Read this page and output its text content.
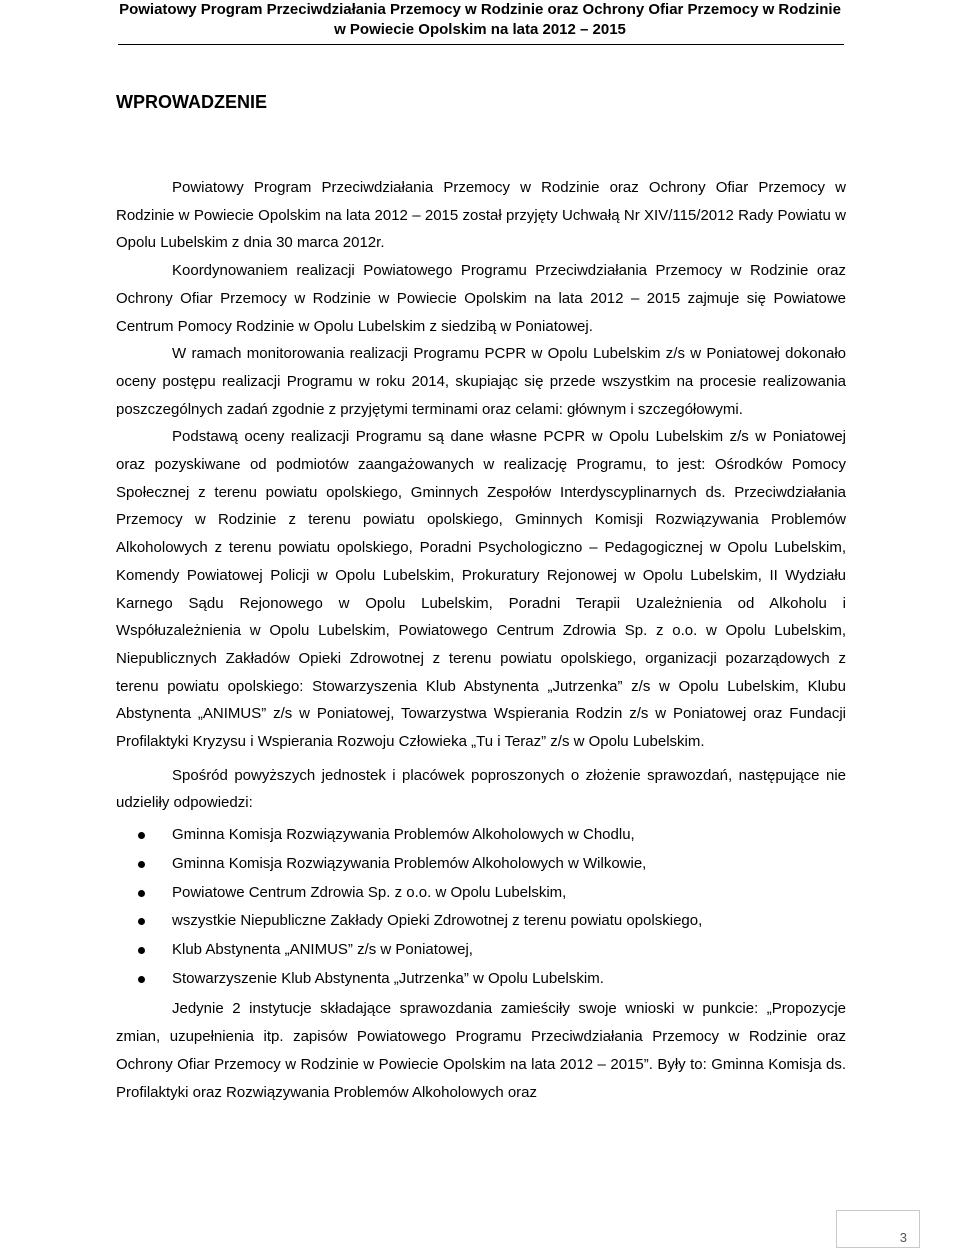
Powiatowy Program Przeciwdziałania Przemocy w Rodzinie oraz Ochrony Ofiar Przemocy w Rodzinie
w Powiecie Opolskim na lata 2012 – 2015
WPROWADZENIE

Powiatowy Program Przeciwdziałania Przemocy w Rodzinie oraz Ochrony Ofiar Przemocy w Rodzinie w Powiecie Opolskim na lata 2012 – 2015 został przyjęty Uchwałą Nr XIV/115/2012 Rady Powiatu w Opolu Lubelskim z dnia 30 marca 2012r.

Koordynowaniem realizacji Powiatowego Programu Przeciwdziałania Przemocy w Rodzinie oraz Ochrony Ofiar Przemocy w Rodzinie w Powiecie Opolskim na lata 2012 – 2015 zajmuje się Powiatowe Centrum Pomocy Rodzinie w Opolu Lubelskim z siedzibą w Poniatowej.

W ramach monitorowania realizacji Programu PCPR w Opolu Lubelskim z/s w Poniatowej dokonało oceny postępu realizacji Programu w roku 2014, skupiając się przede wszystkim na procesie realizowania poszczególnych zadań zgodnie z przyjętymi terminami oraz celami: głównym i szczegółowymi.

Podstawą oceny realizacji Programu są dane własne PCPR w Opolu Lubelskim z/s w Poniatowej oraz pozyskiwane od podmiotów zaangażowanych w realizację Programu, to jest: Ośrodków Pomocy Społecznej z terenu powiatu opolskiego, Gminnych Zespołów Interdyscyplinarnych ds. Przeciwdziałania Przemocy w Rodzinie z terenu powiatu opolskiego, Gminnych Komisji Rozwiązywania Problemów Alkoholowych z terenu powiatu opolskiego, Poradni Psychologiczno – Pedagogicznej w Opolu Lubelskim, Komendy Powiatowej Policji w Opolu Lubelskim, Prokuratury Rejonowej w Opolu Lubelskim, II Wydziału Karnego Sądu Rejonowego w Opolu Lubelskim, Poradni Terapii Uzależnienia od Alkoholu i Współuzależnienia w Opolu Lubelskim, Powiatowego Centrum Zdrowia Sp. z o.o. w Opolu Lubelskim, Niepublicznych Zakładów Opieki Zdrowotnej z terenu powiatu opolskiego, organizacji pozarządowych z terenu powiatu opolskiego: Stowarzyszenia Klub Abstynenta „Jutrzenka” z/s w Opolu Lubelskim, Klubu Abstynenta „ANIMUS” z/s w Poniatowej, Towarzystwa Wspierania Rodzin z/s w Poniatowej oraz Fundacji Profilaktyki Kryzysu i Wspierania Rozwoju Człowieka „Tu i Teraz” z/s w Opolu Lubelskim.

Spośród powyższych jednostek i placówek poproszonych o złożenie sprawozdań, następujące nie udzieliły odpowiedzi:

Gminna Komisja Rozwiązywania Problemów Alkoholowych w Chodlu,
Gminna Komisja Rozwiązywania Problemów Alkoholowych w Wilkowie,
Powiatowe Centrum Zdrowia Sp. z o.o. w Opolu Lubelskim,
wszystkie Niepubliczne Zakłady Opieki Zdrowotnej z terenu powiatu opolskiego,
Klub Abstynenta „ANIMUS” z/s w Poniatowej,
Stowarzyszenie Klub Abstynenta „Jutrzenka” w Opolu Lubelskim.

Jedynie 2 instytucje składające sprawozdania zamieściły swoje wnioski w punkcie: „Propozycje zmian, uzupełnienia itp. zapisów Powiatowego Programu Przeciwdziałania Przemocy w Rodzinie oraz Ochrony Ofiar Przemocy w Rodzinie w Powiecie Opolskim na lata 2012 – 2015”. Były to: Gminna Komisja ds. Profilaktyki oraz Rozwiązywania Problemów Alkoholowych oraz

3
